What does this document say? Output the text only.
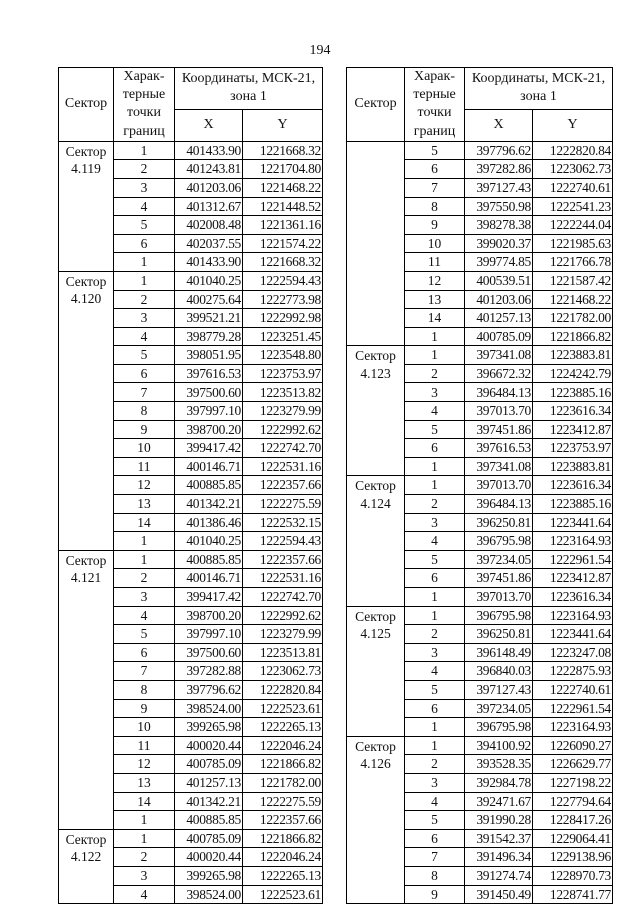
194
Сектор	Харак-терные точки границ	Координаты, МСК-21, зона 1	
		X	Y
Сектор 4.119	1	401433.90	1221668.32
	2	401243.81	1221704.80
	3	401203.06	1221468.22
	4	401312.67	1221448.52
	5	402008.48	1221361.16
	6	402037.55	1221574.22
	1	401433.90	1221668.32
Сектор 4.120	1	401040.25	1222594.43
	2	400275.64	1222773.98
	3	399521.21	1222992.98
	4	398779.28	1223251.45
	5	398051.95	1223548.80
	6	397616.53	1223753.97
	7	397500.60	1223513.82
	8	397997.10	1223279.99
	9	398700.20	1222992.62
	10	399417.42	1222742.70
	11	400146.71	1222531.16
	12	400885.85	1222357.66
	13	401342.21	1222275.59
	14	401386.46	1222532.15
	1	401040.25	1222594.43
Сектор 4.121	1	400885.85	1222357.66
	2	400146.71	1222531.16
	3	399417.42	1222742.70
	4	398700.20	1222992.62
	5	397997.10	1223279.99
	6	397500.60	1223513.81
	7	397282.88	1223062.73
	8	397796.62	1222820.84
	9	398524.00	1222523.61
	10	399265.98	1222265.13
	11	400020.44	1222046.24
	12	400785.09	1221866.82
	13	401257.13	1221782.00
	14	401342.21	1222275.59
	1	400885.85	1222357.66
Сектор 4.122	1	400785.09	1221866.82
	2	400020.44	1222046.24
	3	399265.98	1222265.13
	4	398524.00	1222523.61
Сектор	Харак-терные точки границ	Координаты, МСК-21, зона 1	
		X	Y
	5	397796.62	1222820.84
	6	397282.86	1223062.73
	7	397127.43	1222740.61
	8	397550.98	1222541.23
	9	398278.38	1222244.04
	10	399020.37	1221985.63
	11	399774.85	1221766.78
	12	400539.51	1221587.42
	13	401203.06	1221468.22
	14	401257.13	1221782.00
	1	400785.09	1221866.82
Сектор 4.123	1	397341.08	1223883.81
	2	396672.32	1224242.79
	3	396484.13	1223885.16
	4	397013.70	1223616.34
	5	397451.86	1223412.87
	6	397616.53	1223753.97
	1	397341.08	1223883.81
Сектор 4.124	1	397013.70	1223616.34
	2	396484.13	1223885.16
	3	396250.81	1223441.64
	4	396795.98	1223164.93
	5	397234.05	1222961.54
	6	397451.86	1223412.87
	1	397013.70	1223616.34
Сектор 4.125	1	396795.98	1223164.93
	2	396250.81	1223441.64
	3	396148.49	1223247.08
	4	396840.03	1222875.93
	5	397127.43	1222740.61
	6	397234.05	1222961.54
	1	396795.98	1223164.93
Сектор 4.126	1	394100.92	1226090.27
	2	393528.35	1226629.77
	3	392984.78	1227198.22
	4	392471.67	1227794.64
	5	391990.28	1228417.26
	6	391542.37	1229064.41
	7	391496.34	1229138.96
	8	391274.74	1228970.73
	9	391450.49	1228741.77
